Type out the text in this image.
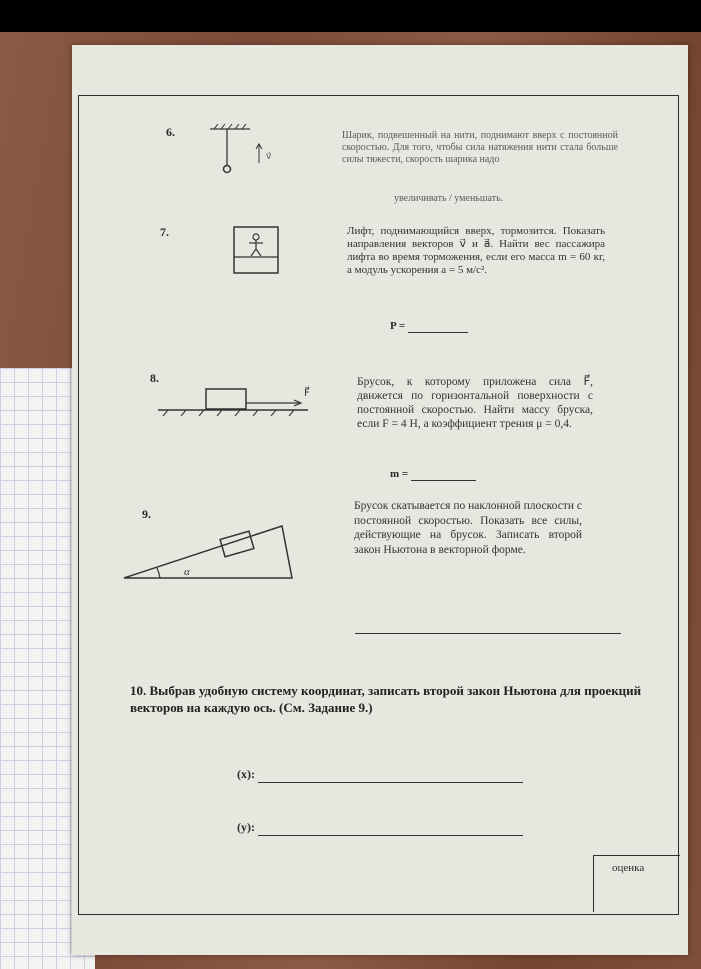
6.
v⃗
Шарик, подвешенный на нити, поднимают вверх с постоянной скоростью. Для того, чтобы сила натяжения нити стала больше силы тяжести, скорость шарика надо
увеличивать / уменьшать.
7.	Лифт, поднимающийся вверх, тормозится. Показать направления векторов v⃗ и a⃗. Найти вес пассажира лифта во время торможения, если его масса m = 60 кг, а модуль ускорения a = 5 м/с².
P =
8.
F⃗
Брусок, к которому приложена сила F⃗, движется по горизонтальной поверхности с постоянной скоростью. Найти массу бруска, если F = 4 Н, а коэффициент трения μ = 0,4.
m =
9.
α
Брусок скатывается по наклонной плоскости с постоянной скоростью. Показать все силы, действующие на брусок. Записать второй закон Ньютона в векторной форме.

10. Выбрав удобную систему координат, записать второй закон Ньютона для проекций векторов на каждую ось. (См. Задание 9.)
(x):
(y):
оценка
